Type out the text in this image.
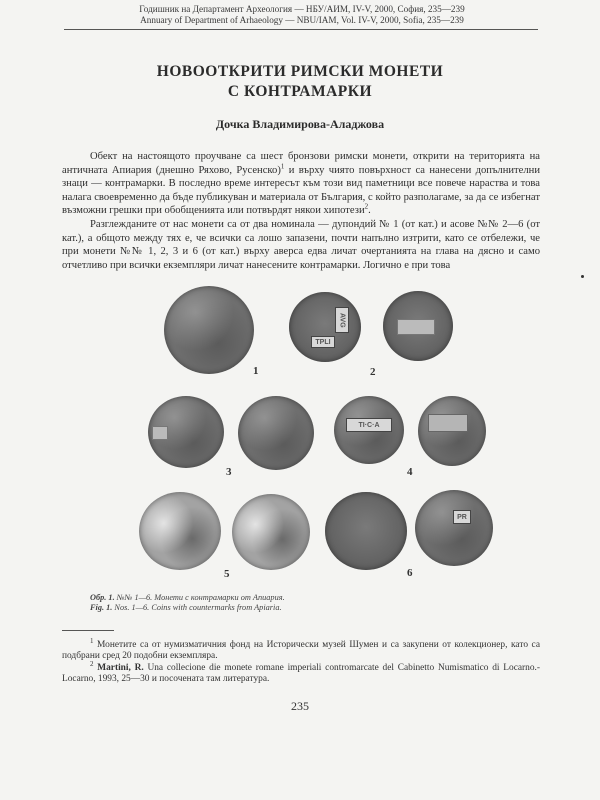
Годишник на Департамент Археология — НБУ/АИМ, IV-V, 2000, София, 235—239
Annuary of Department of Arhaeology — NBU/IAM, Vol. IV-V, 2000, Sofia, 235—239
НОВООТКРИТИ РИМСКИ МОНЕТИ
С КОНТРАМАРКИ
Дочка Владимирова-Аладжова

Обект на настоящото проучване са шест бронзови римски монети, открити на територията на античната Апиария (днешно Ряхово, Русенско)$^1$ и върху чиято повърхност са нанесени допълнителни знаци — контрамарки. В последно време интересът към този вид паметници все повече нараства и това налага своевременно да бъде публикуван и материала от България, с който разполагаме, за да се избегнат възможни грешки при обобщенията или потвърдят някои хипотези$^2$.

Разглежданите от нас монети са от два номинала — дупондий № 1 (от кат.) и асове №№ 2—6 (от кат.), а общото между тях е, че всички са лошо запазени, почти напълно изтрити, като се отбележи, че при монети №№ 1, 2, 3 и 6 (от кат.) върху аверса едва личат очертанията на глава на дясно и само отчетливо при всички екземпляри личат нанесените контрамарки. Логично е при това

1
AVG
TPLI
2
3
TI·C·A
4
5
PR
6
Обр. 1. №№ 1—6. Монети с контрамарки от Апиария.
Fig. 1. Nos. 1—6. Coins with countermarks from Apiaria.

$^1$ Монетите са от нумизматичния фонд на Исторически музей Шумен и са закупени от колекционер, като са подбрани сред 20 подобни екземпляра.

$^2$ Martini, R. Una collecione die monete romane imperiali contromarcate del Cabinetto Numismatico di Locarno.- Locarno, 1993, 25—30 и посочената там литература.

235
